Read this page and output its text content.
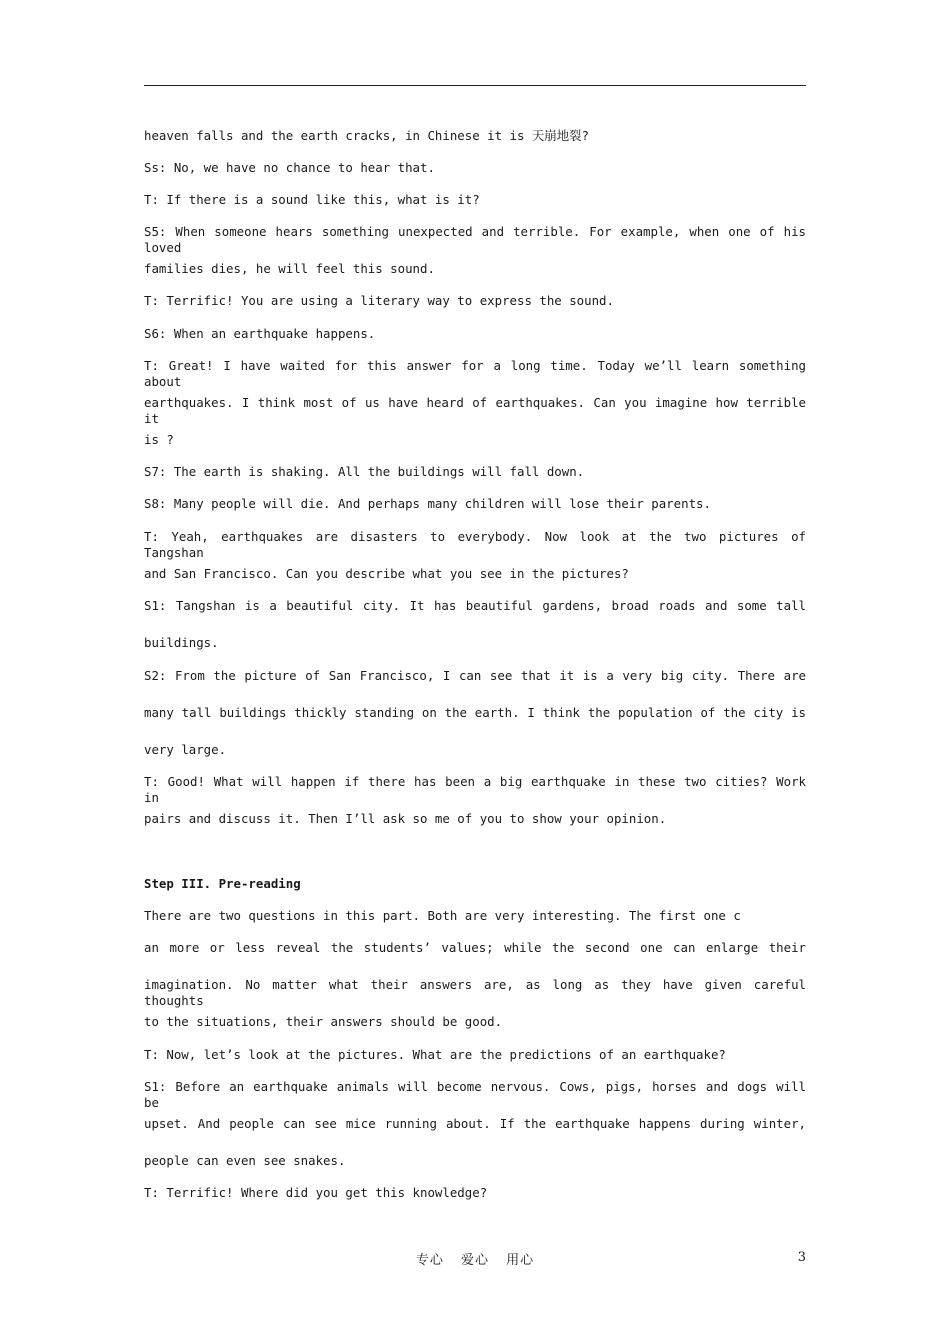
heaven falls and the earth cracks, in Chinese it is 天崩地裂?
Ss: No, we have no chance to hear that.
T: If there is a sound like this, what is it?
S5: When someone hears something unexpected and terrible. For example, when one of his loved
families dies, he will feel this sound.
T: Terrific! You are using a literary way to express the sound.
S6: When an earthquake happens.
T: Great! I have waited for this answer for a long time. Today we’ll learn something about
earthquakes. I think most of us have heard of earthquakes. Can you imagine how terrible it
is ?
S7: The earth is shaking. All the buildings will fall down.
S8: Many people will die. And perhaps many children will lose their parents.
T: Yeah, earthquakes are disasters to everybody. Now look at the two pictures of Tangshan
and San Francisco. Can you describe what you see in the pictures?
S1: Tangshan is a beautiful city. It has beautiful gardens, broad roads and some tall
buildings.
S2: From the picture of San Francisco, I can see that it is a very big city. There are
many tall buildings thickly standing on the earth. I think the population of the city is
very large.
T: Good! What will happen if there has been a big earthquake in these two cities? Work in
pairs and discuss it. Then I’ll ask so me of you to show your opinion.
Step III. Pre-reading
There are two questions in this part. Both are very interesting. The first one c
an more or less reveal the students’ values; while the second one can enlarge their
imagination. No matter what their answers are, as long as they have given careful thoughts
to the situations, their answers should be good.
T: Now, let’s look at the pictures. What are the predictions of an earthquake?
S1: Before an earthquake animals will become nervous. Cows, pigs, horses and dogs will be
upset. And people can see mice running about. If the earthquake happens during winter,
people can even see snakes.
T: Terrific! Where did you get this knowledge?
专心 爱心 用心	3
